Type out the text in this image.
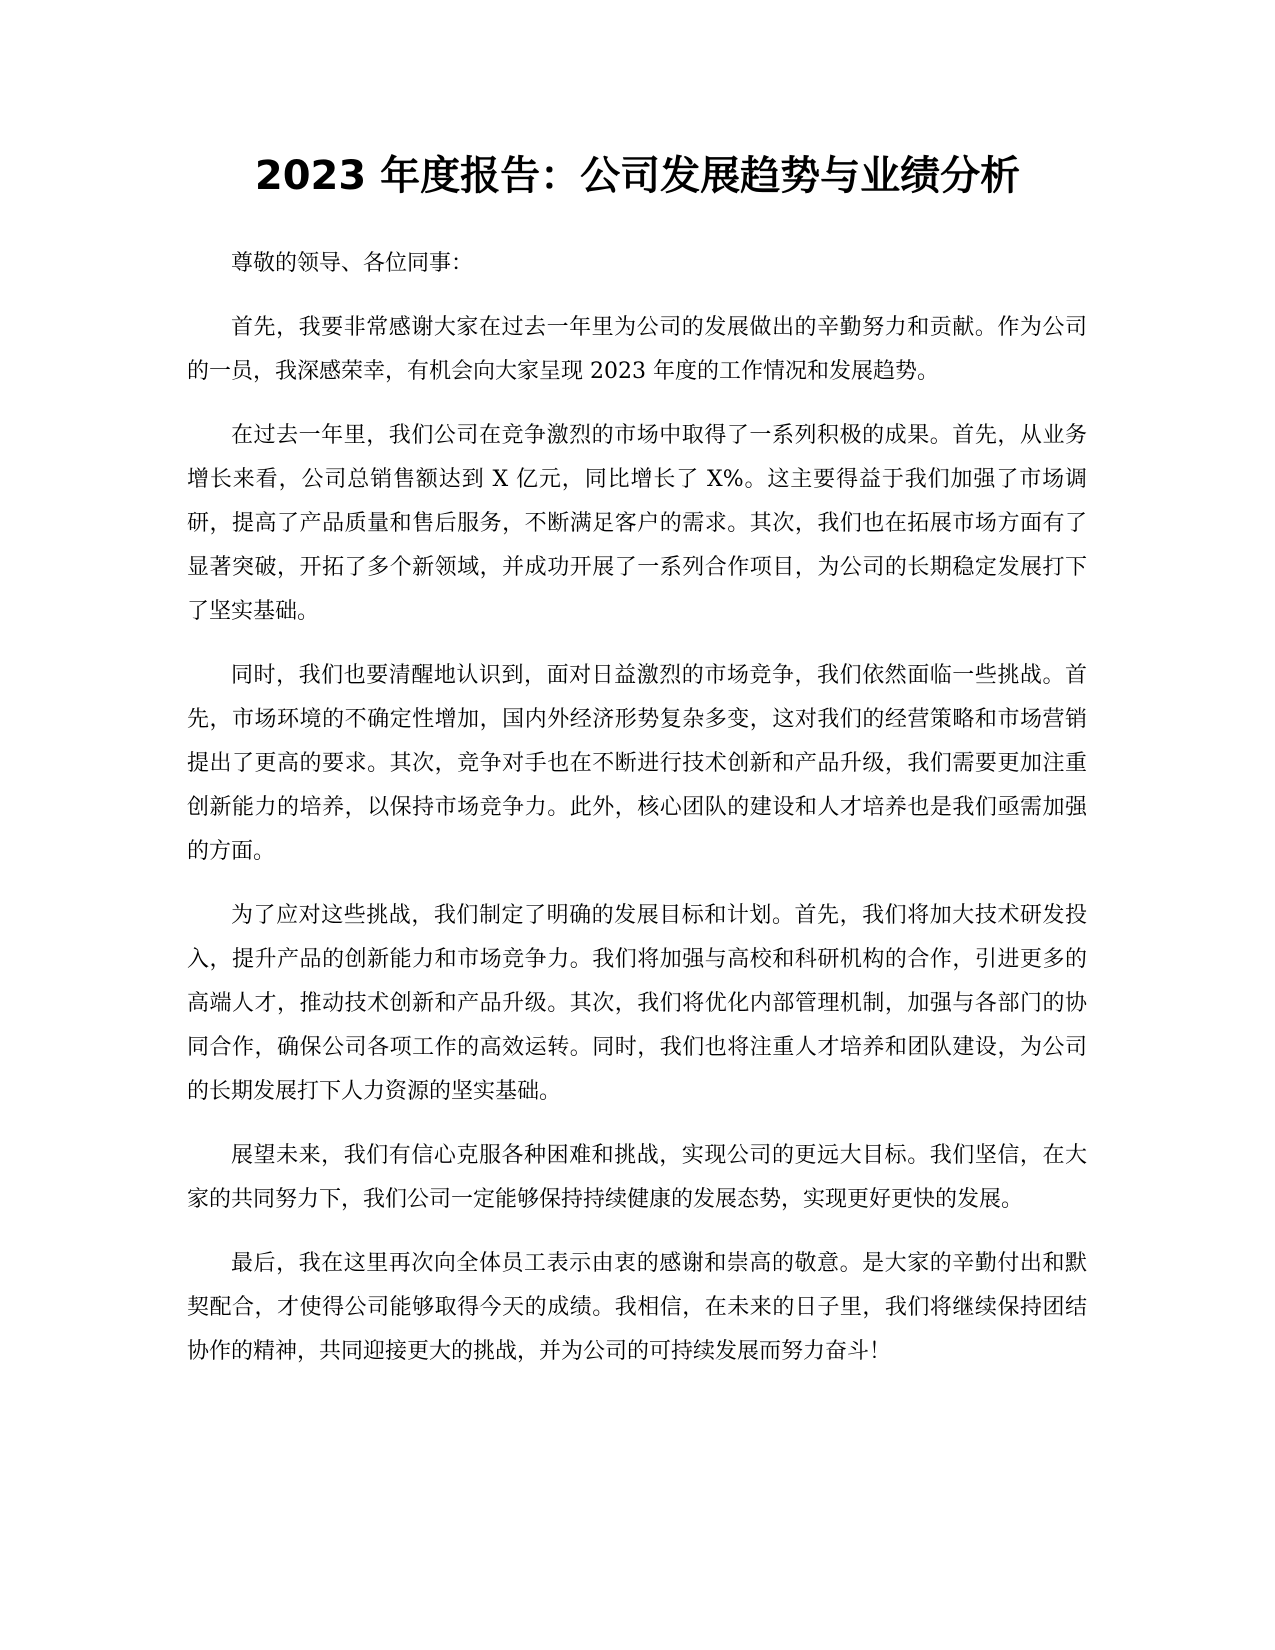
2023 年度报告：公司发展趋势与业绩分析

尊敬的领导、各位同事：

首先，我要非常感谢大家在过去一年里为公司的发展做出的辛勤努力和贡献。作为公司的一员，我深感荣幸，有机会向大家呈现 2023 年度的工作情况和发展趋势。

在过去一年里，我们公司在竞争激烈的市场中取得了一系列积极的成果。首先，从业务增长来看，公司总销售额达到 X 亿元，同比增长了 X%。这主要得益于我们加强了市场调研，提高了产品质量和售后服务，不断满足客户的需求。其次，我们也在拓展市场方面有了显著突破，开拓了多个新领域，并成功开展了一系列合作项目，为公司的长期稳定发展打下了坚实基础。

同时，我们也要清醒地认识到，面对日益激烈的市场竞争，我们依然面临一些挑战。首先，市场环境的不确定性增加，国内外经济形势复杂多变，这对我们的经营策略和市场营销提出了更高的要求。其次，竞争对手也在不断进行技术创新和产品升级，我们需要更加注重创新能力的培养，以保持市场竞争力。此外，核心团队的建设和人才培养也是我们亟需加强的方面。

为了应对这些挑战，我们制定了明确的发展目标和计划。首先，我们将加大技术研发投入，提升产品的创新能力和市场竞争力。我们将加强与高校和科研机构的合作，引进更多的高端人才，推动技术创新和产品升级。其次，我们将优化内部管理机制，加强与各部门的协同合作，确保公司各项工作的高效运转。同时，我们也将注重人才培养和团队建设，为公司的长期发展打下人力资源的坚实基础。

展望未来，我们有信心克服各种困难和挑战，实现公司的更远大目标。我们坚信，在大家的共同努力下，我们公司一定能够保持持续健康的发展态势，实现更好更快的发展。

最后，我在这里再次向全体员工表示由衷的感谢和崇高的敬意。是大家的辛勤付出和默契配合，才使得公司能够取得今天的成绩。我相信，在未来的日子里，我们将继续保持团结协作的精神，共同迎接更大的挑战，并为公司的可持续发展而努力奋斗！
